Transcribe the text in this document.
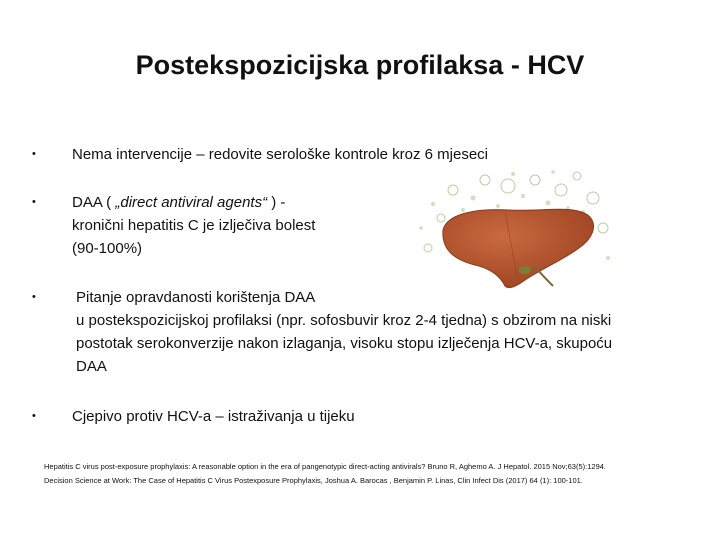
Postekspozicijska profilaksa - HCV
• Nema intervencije – redovite serološke kontrole kroz 6 mjeseci
• DAA ( „direct antiviral agents“ ) -
kronični hepatitis C je izlječiva bolest
(90-100%)
•	Pitanje opravdanosti korištenja DAA
u postekspozicijskoj profilaksi (npr. sofosbuvir kroz 2-4 tjedna) s obzirom na niski
postotak serokonverzije nakon izlaganja, visoku stopu izlječenja HCV-a, skupoću
DAA
• Cjepivo protiv HCV-a – istraživanja u tijeku
Hepatitis C virus post-exposure prophylaxis: A reasonable option in the era of pangenotypic direct-acting antivirals? Bruno R, Aghemo A. J Hepatol. 2015 Nov;63(5):1294.
Decision Science at Work: The Case of Hepatitis C Virus Postexposure Prophylaxis, Joshua A. Barocas , Benjamin P. Linas, Clin Infect Dis (2017) 64 (1): 100-101.
